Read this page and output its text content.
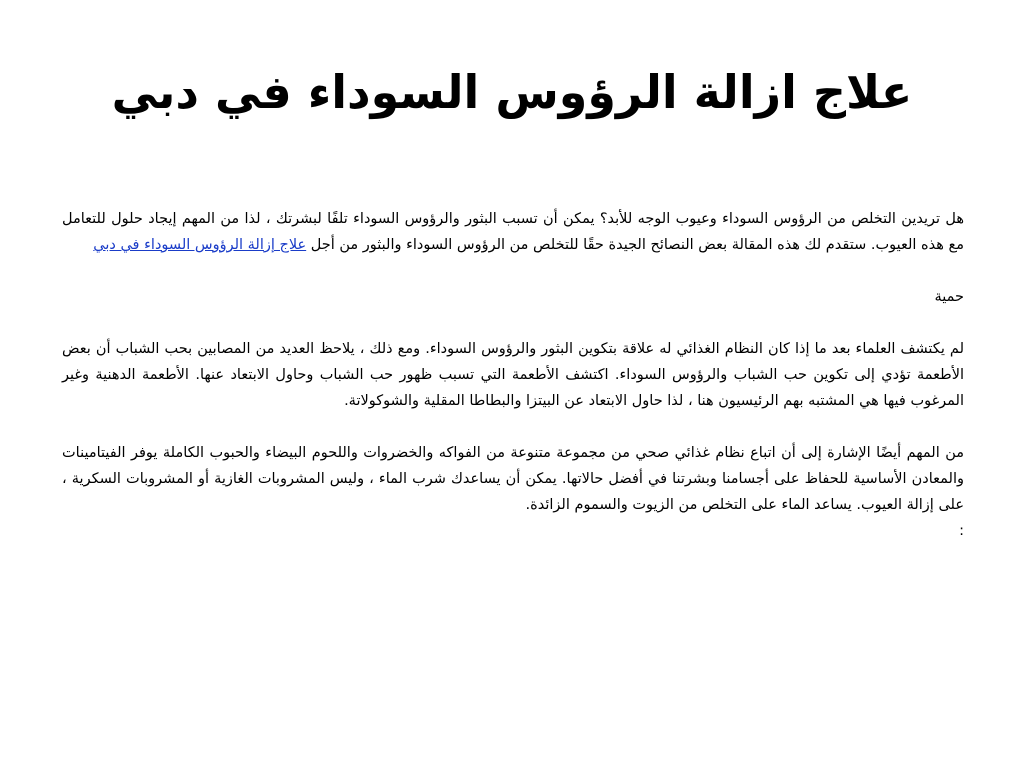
علاج ازالة الرؤوس السوداء في دبي

هل تريدين التخلص من الرؤوس السوداء وعيوب الوجه للأبد؟ يمكن أن تسبب البثور والرؤوس السوداء تلفًا لبشرتك ، لذا من المهم إيجاد حلول للتعامل مع هذه العيوب. ستقدم لك هذه المقالة بعض النصائح الجيدة حقًا للتخلص من الرؤوس السوداء والبثور من أجل علاج إزالة الرؤوس السوداء في دبي

حمية

لم يكتشف العلماء بعد ما إذا كان النظام الغذائي له علاقة بتكوين البثور والرؤوس السوداء. ومع ذلك ، يلاحظ العديد من المصابين بحب الشباب أن بعض الأطعمة تؤدي إلى تكوين حب الشباب والرؤوس السوداء. اكتشف الأطعمة التي تسبب ظهور حب الشباب وحاول الابتعاد عنها. الأطعمة الدهنية وغير المرغوب فيها هي المشتبه بهم الرئيسيون هنا ، لذا حاول الابتعاد عن البيتزا والبطاطا المقلية والشوكولاتة.

من المهم أيضًا الإشارة إلى أن اتباع نظام غذائي صحي من مجموعة متنوعة من الفواكه والخضروات واللحوم البيضاء والحبوب الكاملة يوفر الفيتامينات والمعادن الأساسية للحفاظ على أجسامنا وبشرتنا في أفضل حالاتها. يمكن أن يساعدك شرب الماء ، وليس المشروبات الغازية أو المشروبات السكرية ، على إزالة العيوب. يساعد الماء على التخلص من الزيوت والسموم الزائدة.

:
